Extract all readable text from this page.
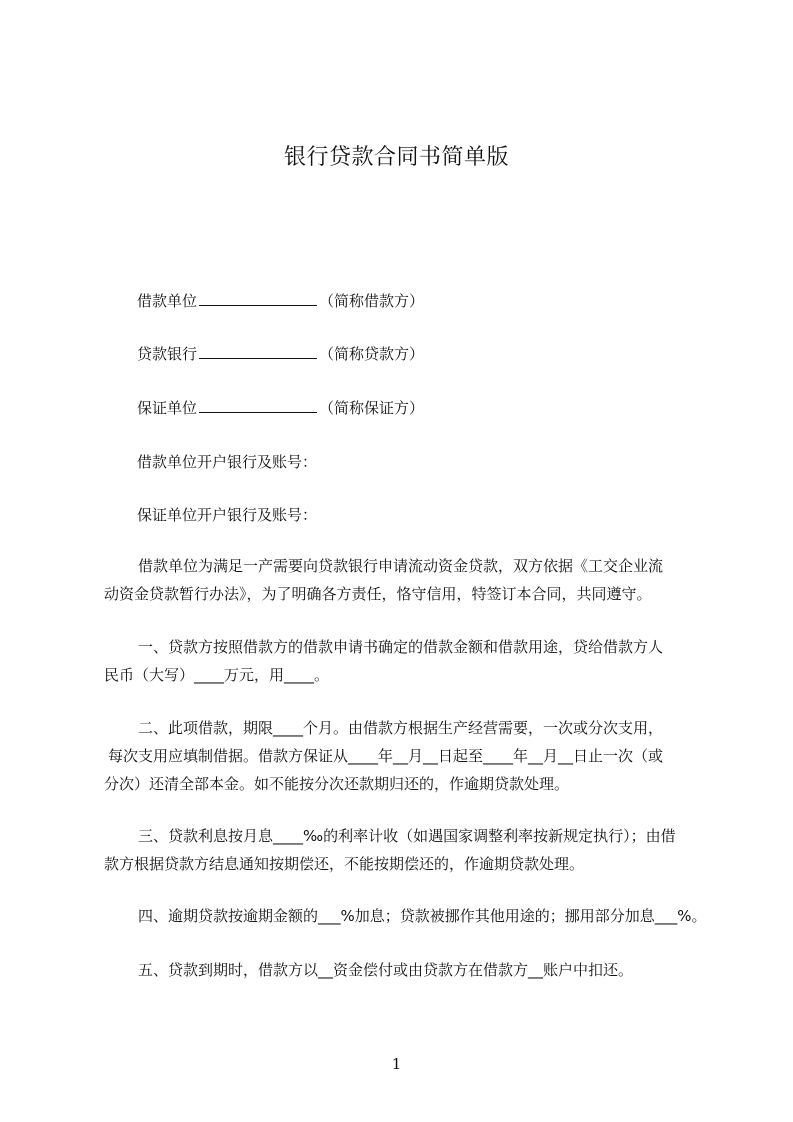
银行贷款合同书简单版
借款单位	（简称借款方）
贷款银行	（简称贷款方）
保证单位	（简称保证方）
借款单位开户银行及账号：
保证单位开户银行及账号：
借款单位为满足一产需要向贷款银行申请流动资金贷款，双方依据《工交企业流
动资金贷款暂行办法》，为了明确各方责任，恪守信用，特签订本合同，共同遵守。
一、贷款方按照借款方的借款申请书确定的借款金额和借款用途，贷给借款方人
民币（大写）____万元，用____。
二、此项借款，期限____个月。由借款方根据生产经营需要，一次或分次支用，
每次支用应填制借据。借款方保证从____年__月__日起至____年__月__日止一次（或
分次）还清全部本金。如不能按分次还款期归还的，作逾期贷款处理。
三、贷款利息按月息____‰的利率计收（如遇国家调整利率按新规定执行）；由借
款方根据贷款方结息通知按期偿还，不能按期偿还的，作逾期贷款处理。
四、逾期贷款按逾期金额的___%加息；贷款被挪作其他用途的；挪用部分加息___%。
五、贷款到期时，借款方以__资金偿付或由贷款方在借款方__账户中扣还。
1
